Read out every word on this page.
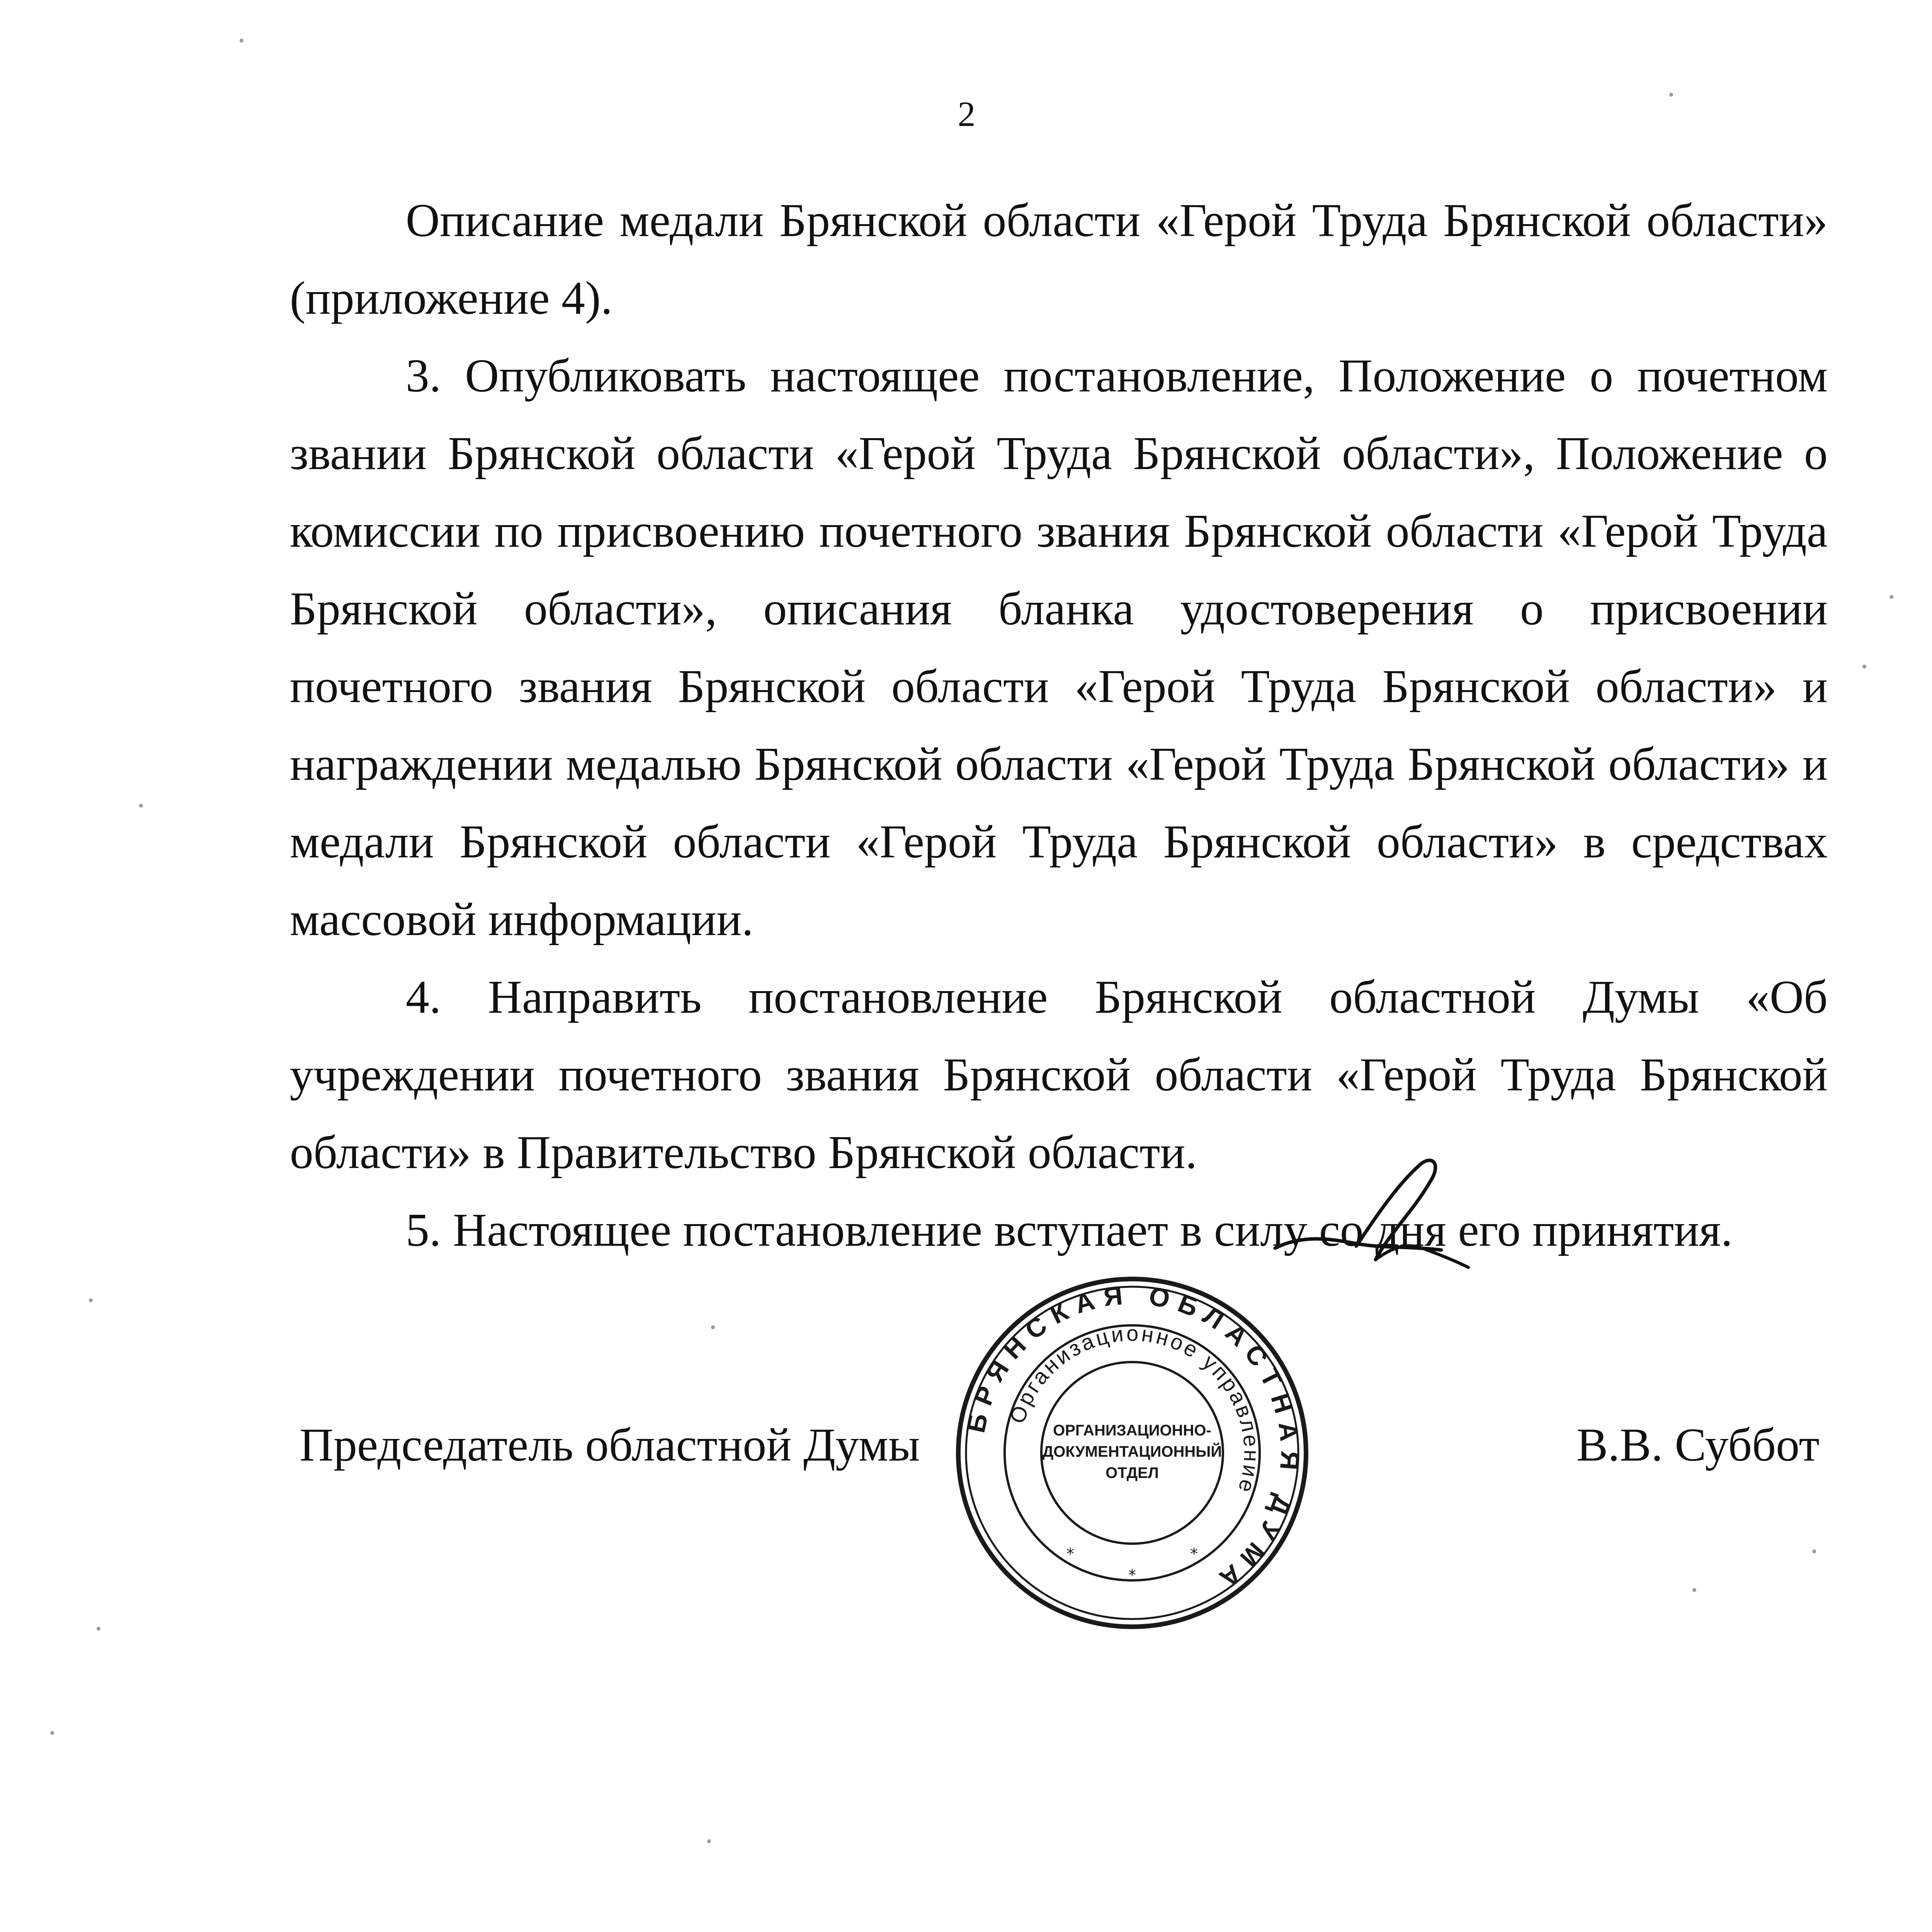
2

Описание медали Брянской области «Герой Труда Брянской области» (приложение 4).

3. Опубликовать настоящее постановление, Положение о почетном звании Брянской области «Герой Труда Брянской области», Положение о комиссии по присвоению почетного звания Брянской области «Герой Труда Брянской области», описания бланка удостоверения о присвоении почетного звания Брянской области «Герой Труда Брянской области» и награждении медалью Брянской области «Герой Труда Брянской области» и медали Брянской области «Герой Труда Брянской области» в средствах массовой информации.

4. Направить постановление Брянской областной Думы «Об учреждении почетного звания Брянской области «Герой Труда Брянской области» в Правительство Брянской области.

5. Настоящее постановление вступает в силу со дня его принятия.

Председатель областной Думы	В.В. Суббот
БРЯНСКАЯ ОБЛАСТНАЯ ДУМА
Организационное управление
ОРГАНИЗАЦИОННО-
ДОКУМЕНТАЦИОННЫЙ
ОТДЕЛ
*
*
*
